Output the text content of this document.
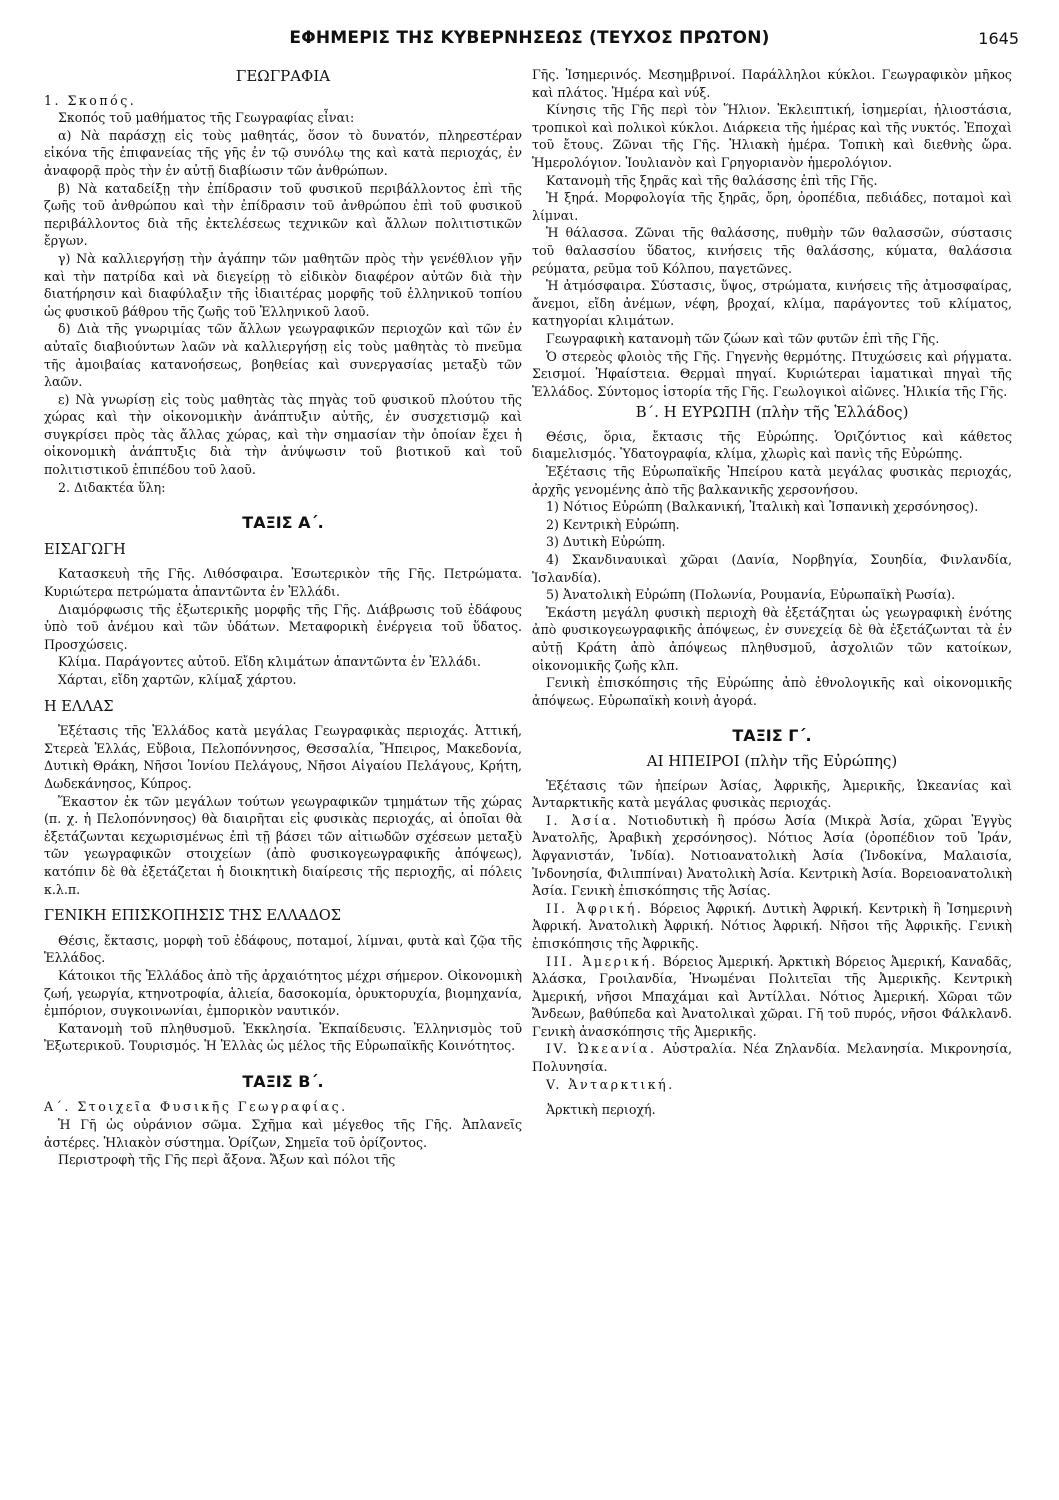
ΕΦΗΜΕΡΙΣ ΤΗΣ ΚΥΒΕΡΝΗΣΕΩΣ (ΤΕΥΧΟΣ ΠΡΩΤΟΝ)	1645
ΓΕΩΓΡΑΦΙΑ

1. Σκοπός.

Σκοπός τοῦ μαθήματος τῆς Γεωγραφίας εἶναι:

α) Νὰ παράσχῃ εἰς τοὺς μαθητάς, ὅσον τὸ δυνατόν, πληρεστέραν εἰκόνα τῆς ἐπιφανείας τῆς γῆς ἐν τῷ συνόλῳ της καὶ κατὰ περιοχάς, ἐν ἀναφορᾷ πρὸς τὴν ἐν αὐτῇ διαβίωσιν τῶν ἀνθρώπων.

β) Νὰ καταδείξῃ τὴν ἐπίδρασιν τοῦ φυσικοῦ περιβάλλοντος ἐπὶ τῆς ζωῆς τοῦ ἀνθρώπου καὶ τὴν ἐπίδρασιν τοῦ ἀνθρώπου ἐπὶ τοῦ φυσικοῦ περιβάλλοντος διὰ τῆς ἐκτελέσεως τεχνικῶν καὶ ἄλλων πολιτιστικῶν ἔργων.

γ) Νὰ καλλιεργήσῃ τὴν ἀγάπην τῶν μαθητῶν πρὸς τὴν γενέθλιον γῆν καὶ τὴν πατρίδα καὶ νὰ διεγείρῃ τὸ εἰδικὸν διαφέρον αὐτῶν διὰ τὴν διατήρησιν καὶ διαφύλαξιν τῆς ἰδιαιτέρας μορφῆς τοῦ ἑλληνικοῦ τοπίου ὡς φυσικοῦ βάθρου τῆς ζωῆς τοῦ Ἑλληνικοῦ λαοῦ.

δ) Διὰ τῆς γνωριμίας τῶν ἄλλων γεωγραφικῶν περιοχῶν καὶ τῶν ἐν αὐταῖς διαβιούντων λαῶν νὰ καλλιεργήσῃ εἰς τοὺς μαθητὰς τὸ πνεῦμα τῆς ἀμοιβαίας κατανοήσεως, βοηθείας καὶ συνεργασίας μεταξὺ τῶν λαῶν.

ε) Νὰ γνωρίσῃ εἰς τοὺς μαθητὰς τὰς πηγὰς τοῦ φυσικοῦ πλούτου τῆς χώρας καὶ τὴν οἰκονομικὴν ἀνάπτυξιν αὐτῆς, ἐν συσχετισμῷ καὶ συγκρίσει πρὸς τὰς ἄλλας χώρας, καὶ τὴν σημασίαν τὴν ὁποίαν ἔχει ἡ οἰκονομικὴ ἀνάπτυξις διὰ τὴν ἀνύψωσιν τοῦ βιοτικοῦ καὶ τοῦ πολιτιστικοῦ ἐπιπέδου τοῦ λαοῦ.

2. Διδακτέα ὕλη:

ΤΑΞΙΣ Α΄.
ΕΙΣΑΓΩΓΗ

Κατασκευὴ τῆς Γῆς. Λιθόσφαιρα. Ἐσωτερικὸν τῆς Γῆς. Πετρώματα. Κυριώτερα πετρώματα ἀπαντῶντα ἐν Ἑλλάδι.

Διαμόρφωσις τῆς ἐξωτερικῆς μορφῆς τῆς Γῆς. Διάβρωσις τοῦ ἐδάφους ὑπὸ τοῦ ἀνέμου καὶ τῶν ὑδάτων. Μεταφορικὴ ἐνέργεια τοῦ ὕδατος. Προσχώσεις.

Κλίμα. Παράγοντες αὐτοῦ. Εἴδη κλιμάτων ἀπαντῶντα ἐν Ἑλλάδι.

Χάρται, εἴδη χαρτῶν, κλίμαξ χάρτου.

Η ΕΛΛΑΣ

Ἐξέτασις τῆς Ἑλλάδος κατὰ μεγάλας Γεωγραφικὰς περιοχάς. Ἀττική, Στερεὰ Ἑλλάς, Εὔβοια, Πελοπόννησος, Θεσσαλία, Ἤπειρος, Μακεδονία, Δυτικὴ Θράκη, Νῆσοι Ἰονίου Πελάγους, Νῆσοι Αἰγαίου Πελάγους, Κρήτη, Δωδεκάνησος, Κύπρος.

Ἕκαστον ἐκ τῶν μεγάλων τούτων γεωγραφικῶν τμημάτων τῆς χώρας (π. χ. ἡ Πελοπόννησος) θὰ διαιρῆται εἰς φυσικὰς περιοχάς, αἱ ὁποῖαι θὰ ἐξετάζωνται κεχωρισμένως ἐπὶ τῇ βάσει τῶν αἰτιωδῶν σχέσεων μεταξὺ τῶν γεωγραφικῶν στοιχείων (ἀπὸ φυσικογεωγραφικῆς ἀπόψεως), κατόπιν δὲ θὰ ἐξετάζεται ἡ διοικητικὴ διαίρεσις τῆς περιοχῆς, αἱ πόλεις κ.λ.π.

ΓΕΝΙΚΗ ΕΠΙΣΚΟΠΗΣΙΣ ΤΗΣ ΕΛΛΑΔΟΣ

Θέσις, ἔκτασις, μορφὴ τοῦ ἐδάφους, ποταμοί, λίμναι, φυτὰ καὶ ζῷα τῆς Ἑλλάδος.

Κάτοικοι τῆς Ἑλλάδος ἀπὸ τῆς ἀρχαιότητος μέχρι σήμερον. Οἰκονομικὴ ζωή, γεωργία, κτηνοτροφία, ἁλιεία, δασοκομία, ὀρυκτορυχία, βιομηχανία, ἐμπόριον, συγκοινωνίαι, ἐμπορικὸν ναυτικόν.

Κατανομὴ τοῦ πληθυσμοῦ. Ἐκκλησία. Ἐκπαίδευσις. Ἑλληνισμὸς τοῦ Ἐξωτερικοῦ. Τουρισμός. Ἡ Ἑλλὰς ὡς μέλος τῆς Εὐρωπαϊκῆς Κοινότητος.

ΤΑΞΙΣ Β΄.

Α΄. Στοιχεῖα Φυσικῆς Γεωγραφίας.

Ἡ Γῆ ὡς οὐράνιον σῶμα. Σχῆμα καὶ μέγεθος τῆς Γῆς. Ἀπλανεῖς ἀστέρες. Ἡλιακὸν σύστημα. Ὁρίζων, Σημεῖα τοῦ ὁρίζοντος.

Περιστροφὴ τῆς Γῆς περὶ ἄξονα. Ἄξων καὶ πόλοι τῆς

Γῆς. Ἰσημερινός. Μεσημβρινοί. Παράλληλοι κύκλοι. Γεωγραφικὸν μῆκος καὶ πλάτος. Ἡμέρα καὶ νύξ.

Κίνησις τῆς Γῆς περὶ τὸν Ἥλιον. Ἐκλειπτική, ἰσημερίαι, ἡλιοστάσια, τροπικοὶ καὶ πολικοὶ κύκλοι. Διάρκεια τῆς ἡμέρας καὶ τῆς νυκτός. Ἐποχαὶ τοῦ ἔτους. Ζῶναι τῆς Γῆς. Ἡλιακὴ ἡμέρα. Τοπικὴ καὶ διεθνὴς ὥρα. Ἡμερολόγιον. Ἰουλιανὸν καὶ Γρηγοριανὸν ἡμερολόγιον.

Κατανομὴ τῆς ξηρᾶς καὶ τῆς θαλάσσης ἐπὶ τῆς Γῆς.

Ἡ ξηρά. Μορφολογία τῆς ξηρᾶς, ὄρη, ὀροπέδια, πεδιάδες, ποταμοὶ καὶ λίμναι.

Ἡ θάλασσα. Ζῶναι τῆς θαλάσσης, πυθμὴν τῶν θαλασσῶν, σύστασις τοῦ θαλασσίου ὕδατος, κινήσεις τῆς θαλάσσης, κύματα, θαλάσσια ρεύματα, ρεῦμα τοῦ Κόλπου, παγετῶνες.

Ἡ ἀτμόσφαιρα. Σύστασις, ὕψος, στρώματα, κινήσεις τῆς ἀτμοσφαίρας, ἄνεμοι, εἴδη ἀνέμων, νέφη, βροχαί, κλίμα, παράγοντες τοῦ κλίματος, κατηγορίαι κλιμάτων.

Γεωγραφικὴ κατανομὴ τῶν ζώων καὶ τῶν φυτῶν ἐπὶ τῆς Γῆς.

Ὁ στερεὸς φλοιὸς τῆς Γῆς. Γηγενὴς θερμότης. Πτυχώσεις καὶ ρήγματα. Σεισμοί. Ἡφαίστεια. Θερμαὶ πηγαί. Κυριώτεραι ἰαματικαὶ πηγαὶ τῆς Ἑλλάδος. Σύντομος ἱστορία τῆς Γῆς. Γεωλογικοὶ αἰῶνες. Ἡλικία τῆς Γῆς.

Β΄. Η ΕΥΡΩΠΗ (πλὴν τῆς Ἑλλάδος)

Θέσις, ὅρια, ἔκτασις τῆς Εὐρώπης. Ὁριζόντιος καὶ κάθετος διαμελισμός. Ὑδατογραφία, κλίμα, χλωρὶς καὶ πανὶς τῆς Εὐρώπης.

Ἐξέτασις τῆς Εὐρωπαϊκῆς Ἠπείρου κατὰ μεγάλας φυσικὰς περιοχάς, ἀρχῆς γενομένης ἀπὸ τῆς βαλκανικῆς χερσονήσου.

1) Νότιος Εὐρώπη (Βαλκανική, Ἰταλικὴ καὶ Ἰσπανικὴ χερσόνησος).

2) Κεντρικὴ Εὐρώπη.

3) Δυτικὴ Εὐρώπη.

4) Σκανδιναυικαὶ χῶραι (Δανία, Νορβηγία, Σουηδία, Φινλανδία, Ἰσλανδία).

5) Ἀνατολικὴ Εὐρώπη (Πολωνία, Ρουμανία, Εὐρωπαϊκὴ Ρωσία).

Ἑκάστη μεγάλη φυσικὴ περιοχὴ θὰ ἐξετάζηται ὡς γεωγραφικὴ ἑνότης ἀπὸ φυσικογεωγραφικῆς ἀπόψεως, ἐν συνεχείᾳ δὲ θὰ ἐξετάζωνται τὰ ἐν αὐτῇ Κράτη ἀπὸ ἀπόψεως πληθυσμοῦ, ἀσχολιῶν τῶν κατοίκων, οἰκονομικῆς ζωῆς κλπ.

Γενικὴ ἐπισκόπησις τῆς Εὐρώπης ἀπὸ ἐθνολογικῆς καὶ οἰκονομικῆς ἀπόψεως. Εὐρωπαϊκὴ κοινὴ ἀγορά.

ΤΑΞΙΣ Γ΄.
ΑΙ ΗΠΕΙΡΟΙ (πλὴν τῆς Εὐρώπης)

Ἐξέτασις τῶν ἠπείρων Ἀσίας, Ἀφρικῆς, Ἀμερικῆς, Ὠκεανίας καὶ Ἀνταρκτικῆς κατὰ μεγάλας φυσικὰς περιοχάς.

Ι. Ἀσία. Νοτιοδυτικὴ ἢ πρόσω Ἀσία (Μικρὰ Ἀσία, χῶραι Ἐγγὺς Ἀνατολῆς, Ἀραβικὴ χερσόνησος). Νότιος Ἀσία (ὀροπέδιον τοῦ Ἰράν, Ἀφγανιστάν, Ἰνδία). Νοτιοανατολικὴ Ἀσία (Ἰνδοκίνα, Μαλαισία, Ἰνδονησία, Φιλιππίναι) Ἀνατολικὴ Ἀσία. Κεντρικὴ Ἀσία. Βορειοανατολικὴ Ἀσία. Γενικὴ ἐπισκόπησις τῆς Ἀσίας.

ΙΙ. Ἀφρική. Βόρειος Ἀφρική. Δυτικὴ Ἀφρική. Κεντρικὴ ἢ Ἰσημερινὴ Ἀφρική. Ἀνατολικὴ Ἀφρική. Νότιος Ἀφρική. Νῆσοι τῆς Ἀφρικῆς. Γενικὴ ἐπισκόπησις τῆς Ἀφρικῆς.

ΙΙΙ. Ἀμερική. Βόρειος Ἀμερική. Ἀρκτικὴ Βόρειος Ἀμερική, Καναδᾶς, Ἀλάσκα, Γροιλανδία, Ἡνωμέναι Πολιτεῖαι τῆς Ἀμερικῆς. Κεντρικὴ Ἀμερική, νῆσοι Μπαχάμαι καὶ Ἀντίλλαι. Νότιος Ἀμερική. Χῶραι τῶν Ἄνδεων, βαθύπεδα καὶ Ἀνατολικαὶ χῶραι. Γῆ τοῦ πυρός, νῆσοι Φάλκλανδ. Γενικὴ ἀνασκόπησις τῆς Ἀμερικῆς.

IV. Ὠκεανία. Αὐστραλία. Νέα Ζηλανδία. Μελανησία. Μικρονησία, Πολυνησία.

V. Ἀνταρκτική.

Ἀρκτικὴ περιοχή.
